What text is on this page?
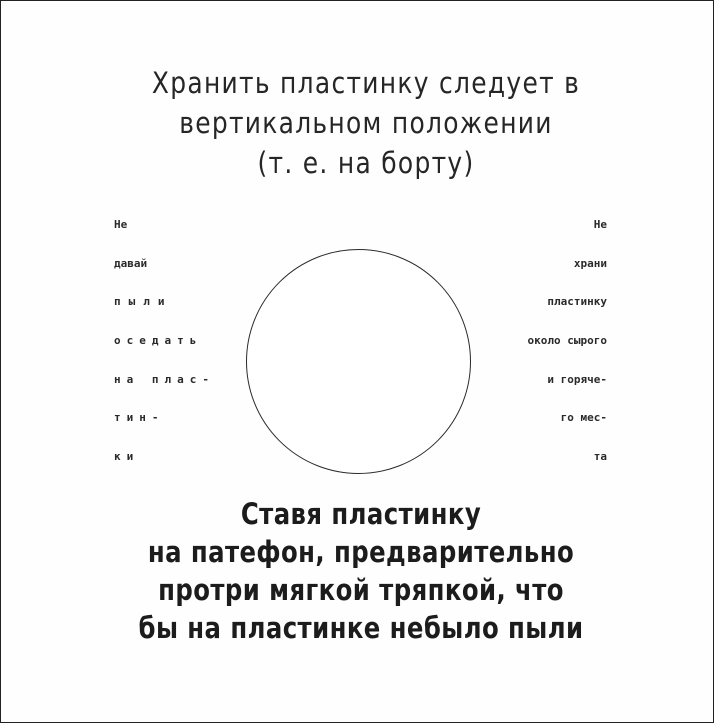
Хранить пластинку следует в
вертикальном положении
(т. е. на борту)
Не
давай
пыли
оседать
на плас-
тин-
ки
Не
храни
пластинку
около сырого
и горяче-
го мес-
та
Ставя пластинку
на патефон, предварительно
протри мягкой тряпкой, что
бы на пластинке небыло пыли
